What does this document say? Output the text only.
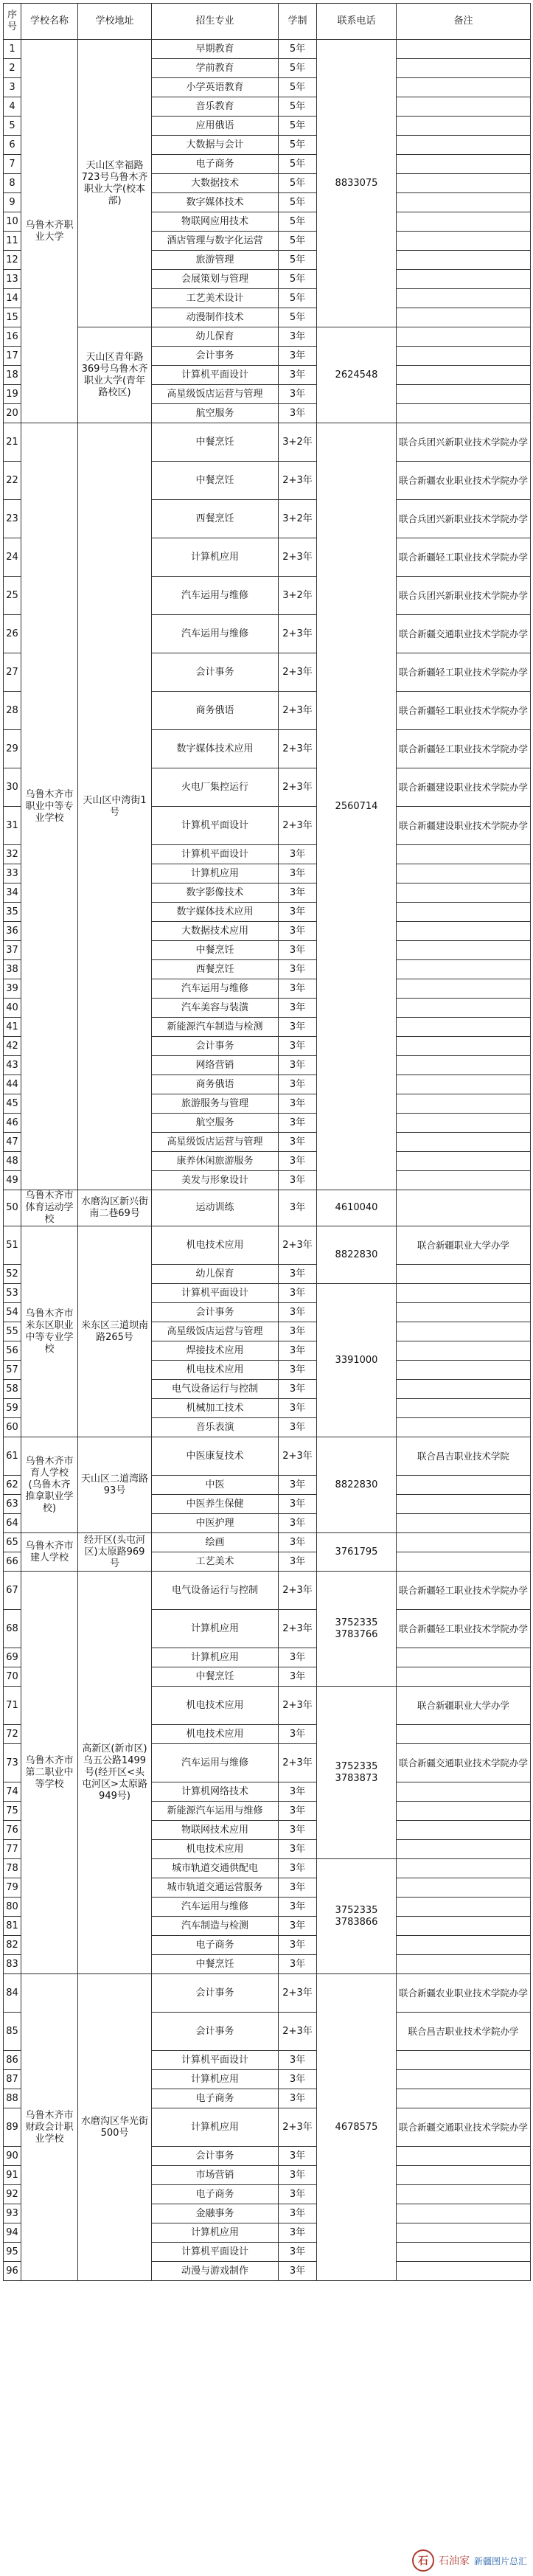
序号	学校名称	学校地址	招生专业	学制	联系电话	备注
1	乌鲁木齐职业大学	天山区幸福路723号乌鲁木齐职业大学(校本部)	早期教育	5年	8833075	
2			学前教育	5年		
3			小学英语教育	5年		
4			音乐教育	5年		
5			应用俄语	5年		
6			大数据与会计	5年		
7			电子商务	5年		
8			大数据技术	5年		
9			数字媒体技术	5年		
10			物联网应用技术	5年		
11			酒店管理与数字化运营	5年		
12			旅游管理	5年		
13			会展策划与管理	5年		
14			工艺美术设计	5年		
15			动漫制作技术	5年		
16		天山区青年路369号乌鲁木齐职业大学(青年路校区)	幼儿保育	3年	2624548	
17			会计事务	3年		
18			计算机平面设计	3年		
19			高星级饭店运营与管理	3年		
20			航空服务	3年		
21	乌鲁木齐市职业中等专业学校	天山区中湾街1号	中餐烹饪	3+2年	2560714	联合兵团兴新职业技术学院办学
22			中餐烹饪	2+3年		联合新疆农业职业技术学院办学
23			西餐烹饪	3+2年		联合兵团兴新职业技术学院办学
24			计算机应用	2+3年		联合新疆轻工职业技术学院办学
25			汽车运用与维修	3+2年		联合兵团兴新职业技术学院办学
26			汽车运用与维修	2+3年		联合新疆交通职业技术学院办学
27			会计事务	2+3年		联合新疆轻工职业技术学院办学
28			商务俄语	2+3年		联合新疆轻工职业技术学院办学
29			数字媒体技术应用	2+3年		联合新疆轻工职业技术学院办学
30			火电厂集控运行	2+3年		联合新疆建设职业技术学院办学
31			计算机平面设计	2+3年		联合新疆建设职业技术学院办学
32			计算机平面设计	3年		
33			计算机应用	3年		
34			数字影像技术	3年		
35			数字媒体技术应用	3年		
36			大数据技术应用	3年		
37			中餐烹饪	3年		
38			西餐烹饪	3年		
39			汽车运用与维修	3年		
40			汽车美容与装潢	3年		
41			新能源汽车制造与检测	3年		
42			会计事务	3年		
43			网络营销	3年		
44			商务俄语	3年		
45			旅游服务与管理	3年		
46			航空服务	3年		
47			高星级饭店运营与管理	3年		
48			康养休闲旅游服务	3年		
49			美发与形象设计	3年		
50	乌鲁木齐市体育运动学校	水磨沟区新兴街南二巷69号	运动训练	3年	4610040	
51	乌鲁木齐市米东区职业中等专业学校	米东区三道坝南路265号	机电技术应用	2+3年	8822830	联合新疆职业大学办学
52			幼儿保育	3年		
53			计算机平面设计	3年	3391000	
54			会计事务	3年		
55			高星级饭店运营与管理	3年		
56			焊接技术应用	3年		
57			机电技术应用	3年		
58			电气设备运行与控制	3年		
59			机械加工技术	3年		
60			音乐表演	3年		
61	乌鲁木齐市育人学校(乌鲁木齐推拿职业学校)	天山区二道湾路93号	中医康复技术	2+3年	8822830	联合昌吉职业技术学院
62			中医	3年		
63			中医养生保健	3年		
64			中医护理	3年		
65	乌鲁木齐市建人学校	经开区(头屯河区)太原路969号	绘画	3年	3761795	
66			工艺美术	3年		
67	乌鲁木齐市第二职业中等学校	高新区(新市区)乌五公路1499号(经开区<头屯河区>太原路949号)	电气设备运行与控制	2+3年	3752335 3783766	联合新疆轻工职业技术学院办学
68			计算机应用	2+3年		联合新疆轻工职业技术学院办学
69			计算机应用	3年		
70			中餐烹饪	3年		
71			机电技术应用	2+3年	3752335 3783873	联合新疆职业大学办学
72			机电技术应用	3年		
73			汽车运用与维修	2+3年		联合新疆交通职业技术学院办学
74			计算机网络技术	3年		
75			新能源汽车运用与维修	3年		
76			物联网技术应用	3年		
77			机电技术应用	3年		
78			城市轨道交通供配电	3年	3752335 3783866	
79			城市轨道交通运营服务	3年		
80			汽车运用与维修	3年		
81			汽车制造与检测	3年		
82			电子商务	3年		
83			中餐烹饪	3年		
84	乌鲁木齐市财政会计职业学校	水磨沟区华光街500号	会计事务	2+3年	4678575	联合新疆农业职业技术学院办学
85			会计事务	2+3年		联合昌吉职业技术学院办学
86			计算机平面设计	3年		
87			计算机应用	3年		
88			电子商务	3年		
89			计算机应用	2+3年		联合新疆交通职业技术学院办学
90			会计事务	3年		
91			市场营销	3年		
92			电子商务	3年		
93			金融事务	3年		
94			计算机应用	3年		
95			计算机平面设计	3年		
96			动漫与游戏制作	3年		
石	石油家 新疆图片总汇
